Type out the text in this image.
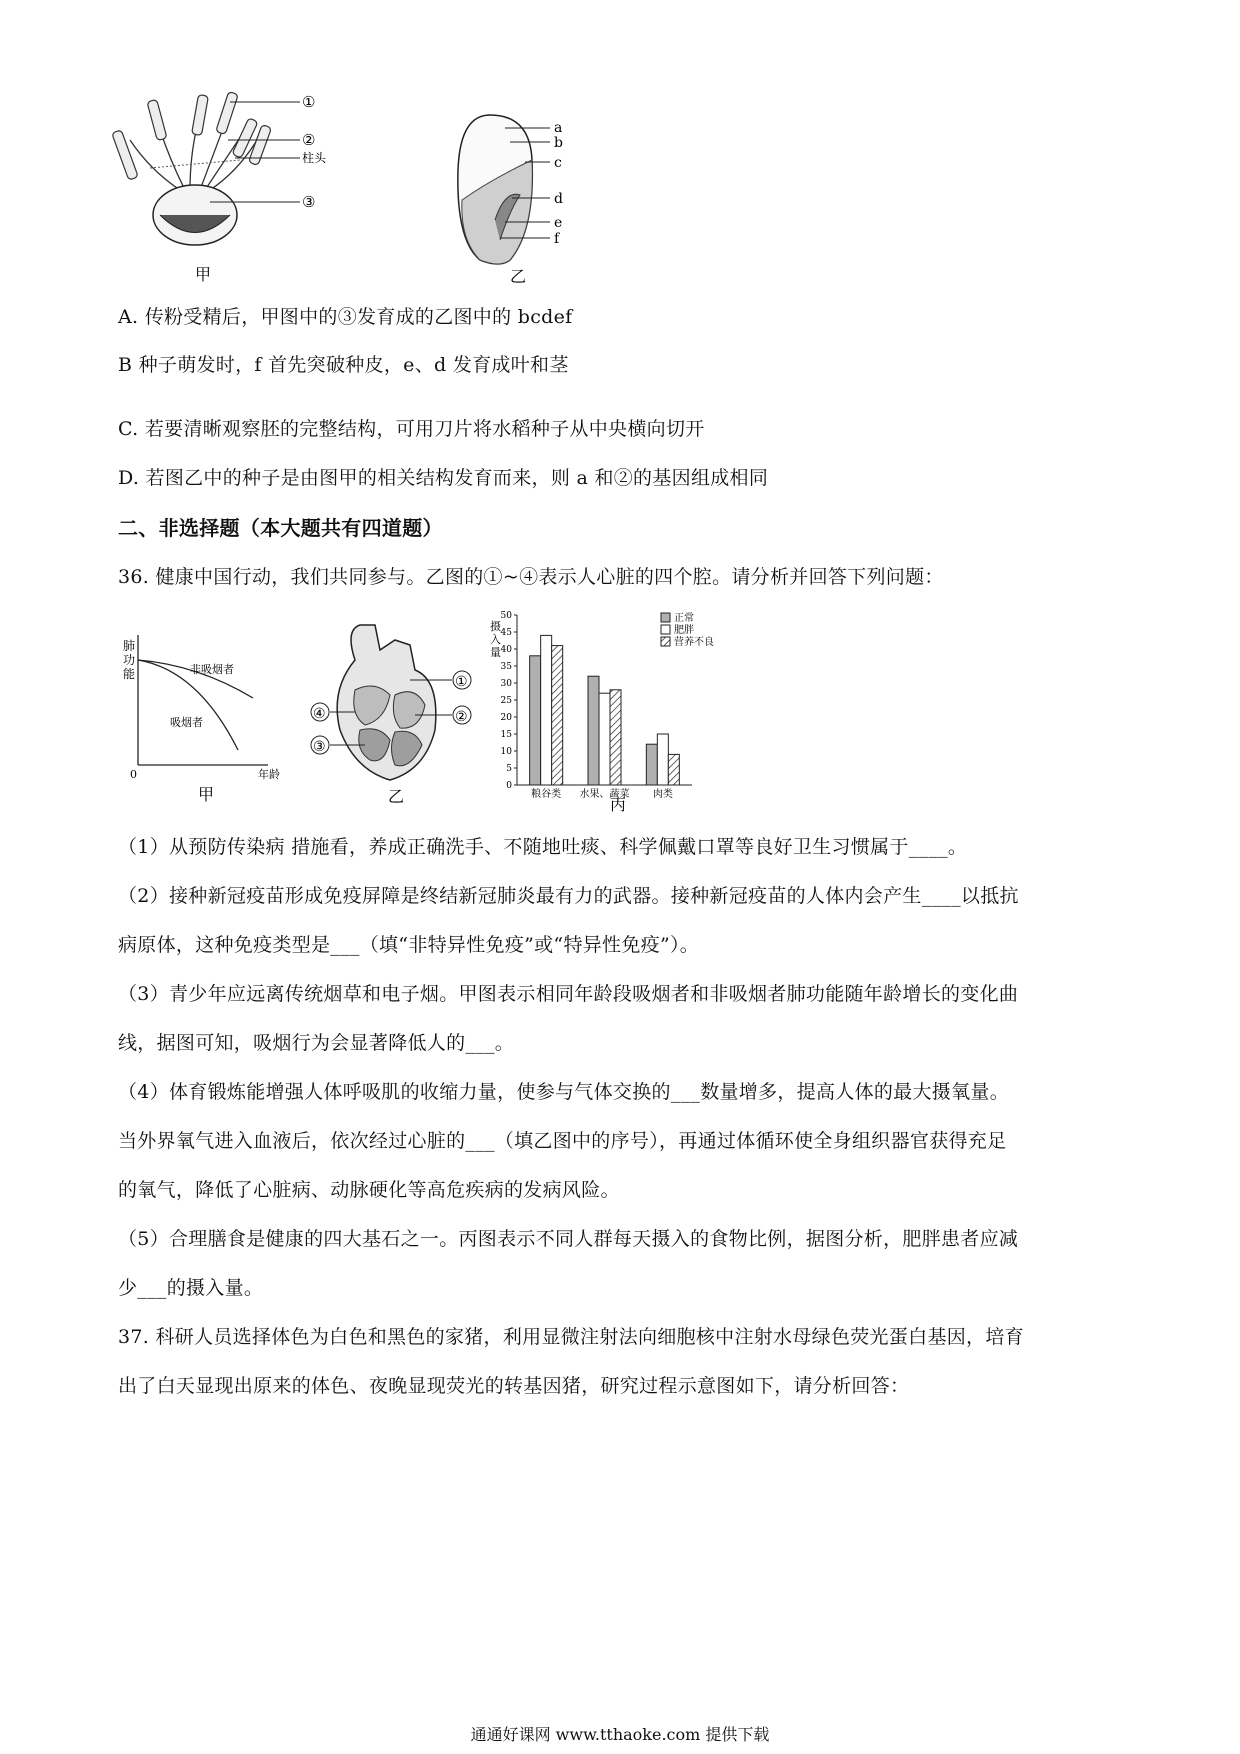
①
②
柱头
③
甲
a
b
c
d
e
f
乙
A. 传粉受精后，甲图中的③发育成的乙图中的 bcdef
B 种子萌发时，f 首先突破种皮，e、d 发育成叶和茎
C. 若要清晰观察胚的完整结构，可用刀片将水稻种子从中央横向切开
D. 若图乙中的种子是由图甲的相关结构发育而来，则 a 和②的基因组成相同
二、非选择题（本大题共有四道题）
36. 健康中国行动，我们共同参与。乙图的①~④表示人心脏的四个腔。请分析并回答下列问题：
肺
功
能	非吸烟者
吸烟者
0	年龄
甲
①
②
③
④
乙
摄入量
0
5
10
15
20
25
30
35
40
45
50
粮谷类 水果、蔬菜 肉类
正常
肥胖
营养不良
丙
（1）从预防传染病 措施看，养成正确洗手、不随地吐痰、科学佩戴口罩等良好卫生习惯属于____。
（2）接种新冠疫苗形成免疫屏障是终结新冠肺炎最有力的武器。接种新冠疫苗的人体内会产生____以抵抗
病原体，这种免疫类型是___（填“非特异性免疫”或“特异性免疫”）。
（3）青少年应远离传统烟草和电子烟。甲图表示相同年龄段吸烟者和非吸烟者肺功能随年龄增长的变化曲
线，据图可知，吸烟行为会显著降低人的___。
（4）体育锻炼能增强人体呼吸肌的收缩力量，使参与气体交换的___数量增多，提高人体的最大摄氧量。
当外界氧气进入血液后，依次经过心脏的___（填乙图中的序号），再通过体循环使全身组织器官获得充足
的氧气，降低了心脏病、动脉硬化等高危疾病的发病风险。
（5）合理膳食是健康的四大基石之一。丙图表示不同人群每天摄入的食物比例，据图分析，肥胖患者应减
少___的摄入量。
37. 科研人员选择体色为白色和黑色的家猪，利用显微注射法向细胞核中注射水母绿色荧光蛋白基因，培育
出了白天显现出原来的体色、夜晚显现荧光的转基因猪，研究过程示意图如下，请分析回答：
通通好课网 www.tthaoke.com 提供下载
